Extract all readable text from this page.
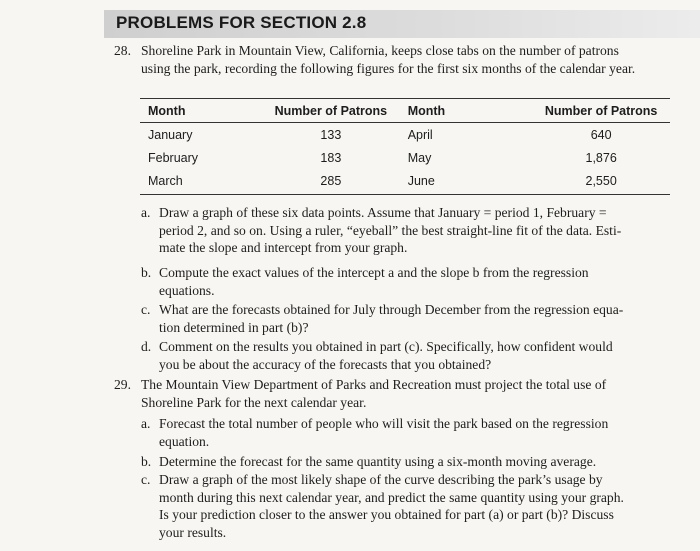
PROBLEMS FOR SECTION 2.8
28. Shoreline Park in Mountain View, California, keeps close tabs on the number of patrons
using the park, recording the following figures for the first six months of the calendar year.
Month	Number of Patrons	Month	Number of Patrons
January	133	April	640
February	183	May	1,876
March	285	June	2,550
a. Draw a graph of these six data points. Assume that January = period 1, February =
period 2, and so on. Using a ruler, “eyeball” the best straight-line fit of the data. Esti-
mate the slope and intercept from your graph.
b. Compute the exact values of the intercept a and the slope b from the regression
equations.
c. What are the forecasts obtained for July through December from the regression equa-
tion determined in part (b)?
d. Comment on the results you obtained in part (c). Specifically, how confident would
you be about the accuracy of the forecasts that you obtained?
29. The Mountain View Department of Parks and Recreation must project the total use of
Shoreline Park for the next calendar year.
a. Forecast the total number of people who will visit the park based on the regression
equation.
b. Determine the forecast for the same quantity using a six-month moving average.
c. Draw a graph of the most likely shape of the curve describing the park’s usage by
month during this next calendar year, and predict the same quantity using your graph.
Is your prediction closer to the answer you obtained for part (a) or part (b)? Discuss
your results.
